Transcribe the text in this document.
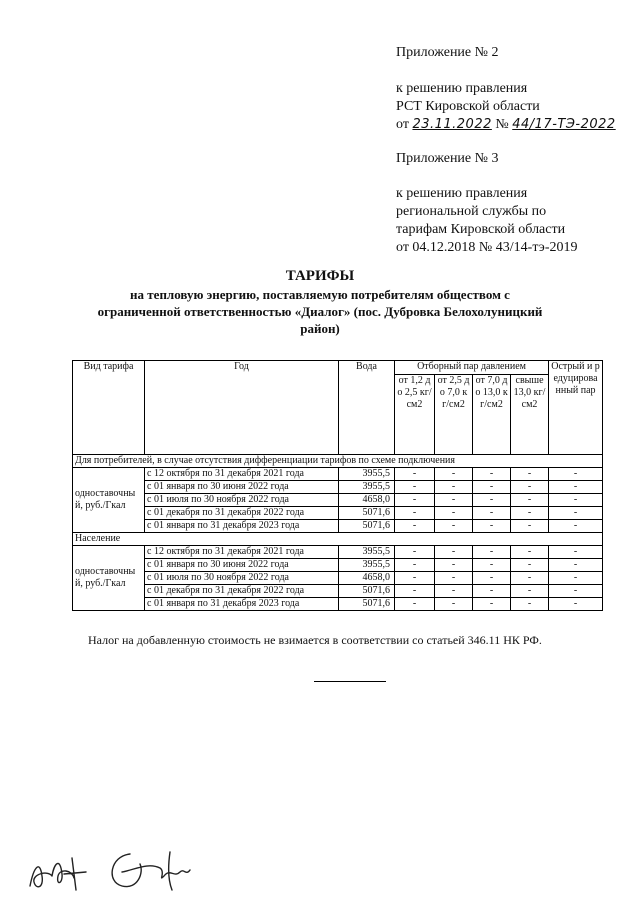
Приложение № 2
к решению правления
РСТ Кировской области
от 23.11.2022 № 44/17-ТЭ-2022
Приложение № 3
к решению правления
региональной службы по
тарифам Кировской области
от 04.12.2018 № 43/14-тэ-2019
ТАРИФЫ
на тепловую энергию, поставляемую потребителям обществом с
ограниченной ответственностью «Диалог» (пос. Дубровка Белохолуницкий
район)
Вид тарифа	Год	Вода	Отборный пар давлением				Острый и редуцированный пар
			от 1,2 до 2,5 кг/см2	от 2,5 до 7,0 кг/см2	от 7,0 до 13,0 кг/см2	свыше 13,0 кг/см2	
Для потребителей, в случае отсутствия дифференциации тарифов по схеме подключения							
одноставочный, руб./Гкал	с 12 октября по 31 декабря 2021 года	3955,5	-	-	-	-	-
	с 01 января по 30 июня 2022 года	3955,5	-	-	-	-	-
	с 01 июля по 30 ноября 2022 года	4658,0	-	-	-	-	-
	с 01 декабря по 31 декабря 2022 года	5071,6	-	-	-	-	-
	с 01 января по 31 декабря 2023 года	5071,6	-	-	-	-	-
Население							
одноставочный, руб./Гкал	с 12 октября по 31 декабря 2021 года	3955,5	-	-	-	-	-
	с 01 января по 30 июня 2022 года	3955,5	-	-	-	-	-
	с 01 июля по 30 ноября 2022 года	4658,0	-	-	-	-	-
	с 01 декабря по 31 декабря 2022 года	5071,6	-	-	-	-	-
	с 01 января по 31 декабря 2023 года	5071,6	-	-	-	-	-
Налог на добавленную стоимость не взимается в соответствии со статьей 346.11 НК РФ.
